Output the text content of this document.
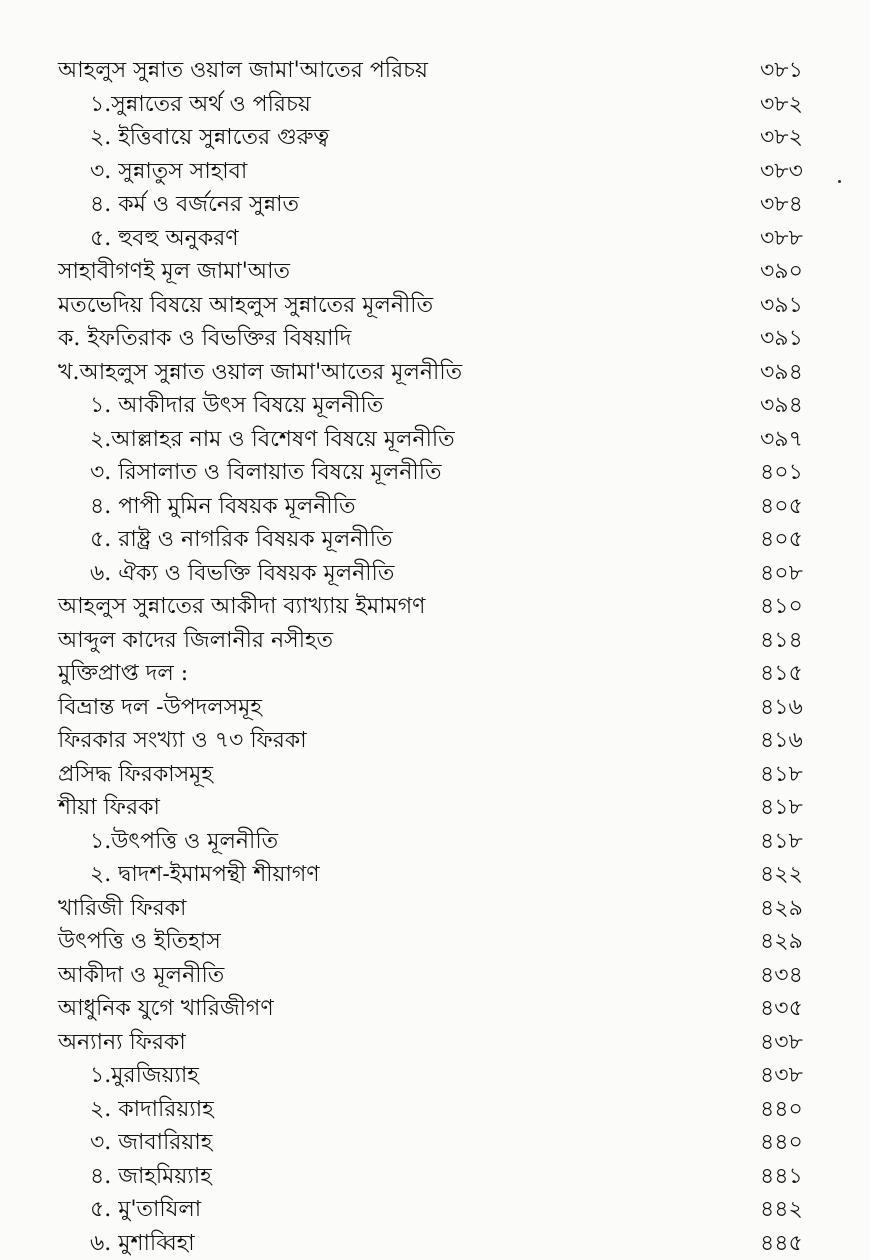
আহলুস সুন্নাত ওয়াল জামা'আতের পরিচয়	৩৮১
১.সুন্নাতের অর্থ ও পরিচয়	৩৮২
২. ইত্তিবায়ে সুন্নাতের গুরুত্ব	৩৮২
৩. সুন্নাতুস সাহাবা	৩৮৩
৪. কর্ম ও বর্জনের সুন্নাত	৩৮৪
৫. হুবহু অনুকরণ	৩৮৮
সাহাবীগণই মূল জামা'আত	৩৯০
মতভেদিয় বিষয়ে আহলুস সুন্নাতের মূলনীতি	৩৯১
ক. ইফতিরাক ও বিভক্তির বিষয়াদি	৩৯১
খ.আহলুস সুন্নাত ওয়াল জামা'আতের মূলনীতি	৩৯৪
১. আকীদার উৎস বিষয়ে মূলনীতি	৩৯৪
২.আল্লাহর নাম ও বিশেষণ বিষয়ে মূলনীতি	৩৯৭
৩. রিসালাত ও বিলায়াত বিষয়ে মূলনীতি	৪০১
৪. পাপী মুমিন বিষয়ক মূলনীতি	৪০৫
৫. রাষ্ট্র ও নাগরিক বিষয়ক মূলনীতি	৪০৫
৬. ঐক্য ও বিভক্তি বিষয়ক মূলনীতি	৪০৮
আহলুস সুন্নাতের আকীদা ব্যাখ্যায় ইমামগণ	৪১০
আব্দুল কাদের জিলানীর নসীহত	৪১৪
মুক্তিপ্রাপ্ত দল :	৪১৫
বিভ্রান্ত দল -উপদলসমূহ	৪১৬
ফিরকার সংখ্যা ও ৭৩ ফিরকা	৪১৬
প্রসিদ্ধ ফিরকাসমূহ	৪১৮
শীয়া ফিরকা	৪১৮
১.উৎপত্তি ও মূলনীতি	৪১৮
২. দ্বাদশ-ইমামপন্থী শীয়াগণ	৪২২
খারিজী ফিরকা	৪২৯
উৎপত্তি ও ইতিহাস	৪২৯
আকীদা ও মূলনীতি	৪৩৪
আধুনিক যুগে খারিজীগণ	৪৩৫
অন্যান্য ফিরকা	৪৩৮
১.মুরজিয়্যাহ	৪৩৮
২. কাদারিয়্যাহ	৪৪০
৩. জাবারিয়াহ	৪৪০
৪. জাহমিয়্যাহ	৪৪১
৫. মু'তাযিলা	৪৪২
৬. মুশাব্বিহা	৪৪৫
